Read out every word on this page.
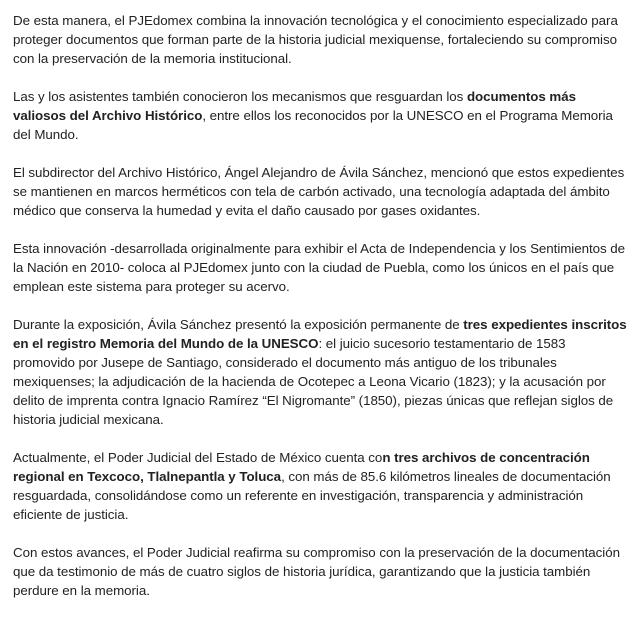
De esta manera, el PJEdomex combina la innovación tecnológica y el conocimiento especializado para proteger documentos que forman parte de la historia judicial mexiquense, fortaleciendo su compromiso con la preservación de la memoria institucional.

Las y los asistentes también conocieron los mecanismos que resguardan los documentos más valiosos del Archivo Histórico, entre ellos los reconocidos por la UNESCO en el Programa Memoria del Mundo.

El subdirector del Archivo Histórico, Ángel Alejandro de Ávila Sánchez, mencionó que estos expedientes se mantienen en marcos herméticos con tela de carbón activado, una tecnología adaptada del ámbito médico que conserva la humedad y evita el daño causado por gases oxidantes.

Esta innovación -desarrollada originalmente para exhibir el Acta de Independencia y los Sentimientos de la Nación en 2010- coloca al PJEdomex junto con la ciudad de Puebla, como los únicos en el país que emplean este sistema para proteger su acervo.

Durante la exposición, Ávila Sánchez presentó la exposición permanente de tres expedientes inscritos en el registro Memoria del Mundo de la UNESCO: el juicio sucesorio testamentario de 1583 promovido por Jusepe de Santiago, considerado el documento más antiguo de los tribunales mexiquenses; la adjudicación de la hacienda de Ocotepec a Leona Vicario (1823); y la acusación por delito de imprenta contra Ignacio Ramírez “El Nigromante” (1850), piezas únicas que reflejan siglos de historia judicial mexicana.

Actualmente, el Poder Judicial del Estado de México cuenta con tres archivos de concentración regional en Texcoco, Tlalnepantla y Toluca, con más de 85.6 kilómetros lineales de documentación resguardada, consolidándose como un referente en investigación, transparencia y administración eficiente de justicia.

Con estos avances, el Poder Judicial reafirma su compromiso con la preservación de la documentación que da testimonio de más de cuatro siglos de historia jurídica, garantizando que la justicia también perdure en la memoria.
